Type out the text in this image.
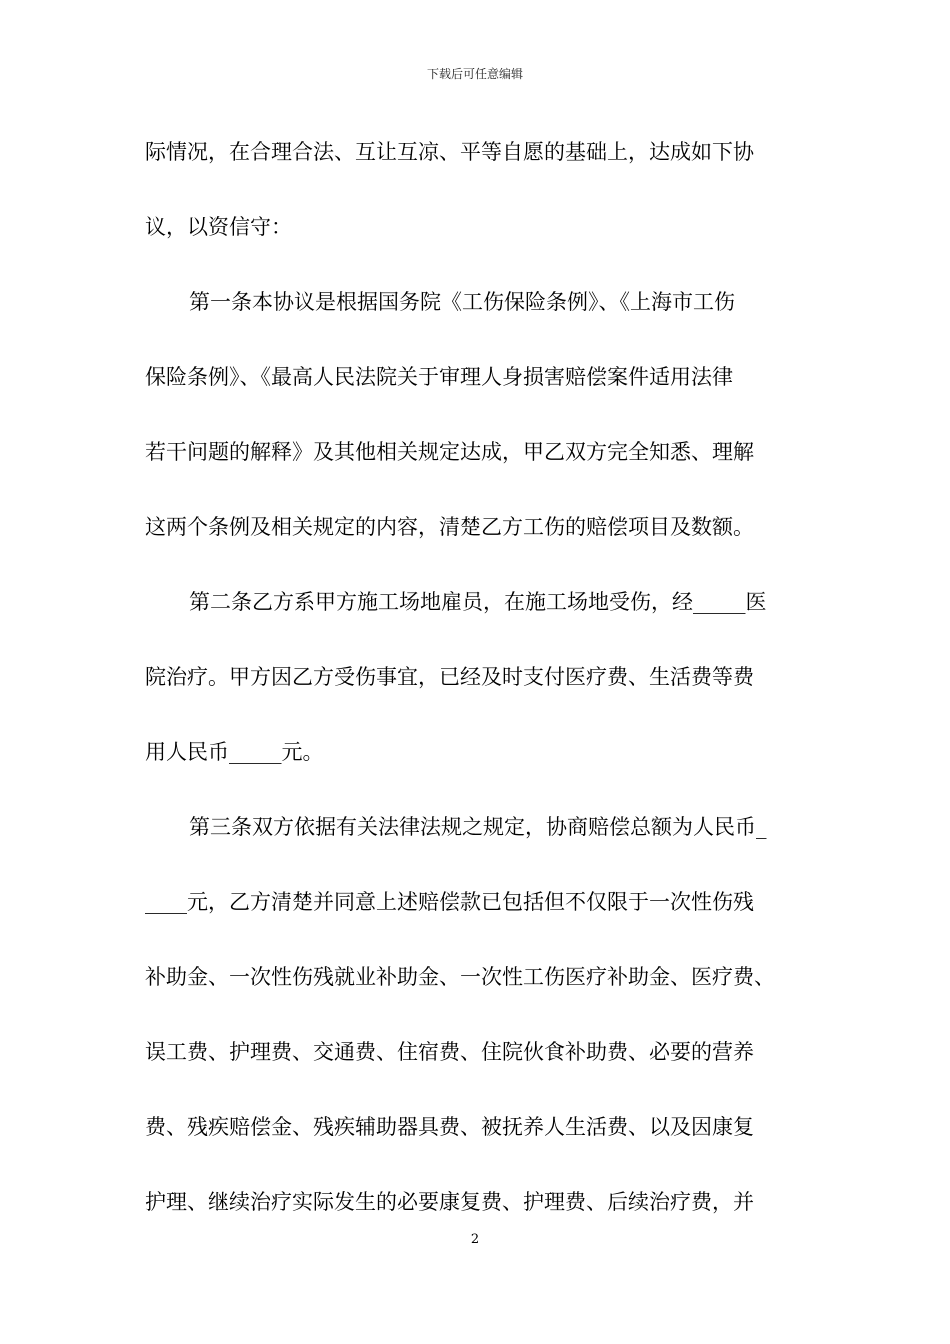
下载后可任意编辑
际情况，在合理合法、互让互凉、平等自愿的基础上，达成如下协
议，以资信守：
第一条本协议是根据国务院《工伤保险条例》、《上海市工伤
保险条例》、《最高人民法院关于审理人身损害赔偿案件适用法律
若干问题的解释》及其他相关规定达成，甲乙双方完全知悉、理解
这两个条例及相关规定的内容，清楚乙方工伤的赔偿项目及数额。
第二条乙方系甲方施工场地雇员，在施工场地受伤，经_____医
院治疗。甲方因乙方受伤事宜，已经及时支付医疗费、生活费等费
用人民币_____元。
第三条双方依据有关法律法规之规定，协商赔偿总额为人民币_
____元，乙方清楚并同意上述赔偿款已包括但不仅限于一次性伤残
补助金、一次性伤残就业补助金、一次性工伤医疗补助金、医疗费、
误工费、护理费、交通费、住宿费、住院伙食补助费、必要的营养
费、残疾赔偿金、残疾辅助器具费、被抚养人生活费、以及因康复
护理、继续治疗实际发生的必要康复费、护理费、后续治疗费，并
2
